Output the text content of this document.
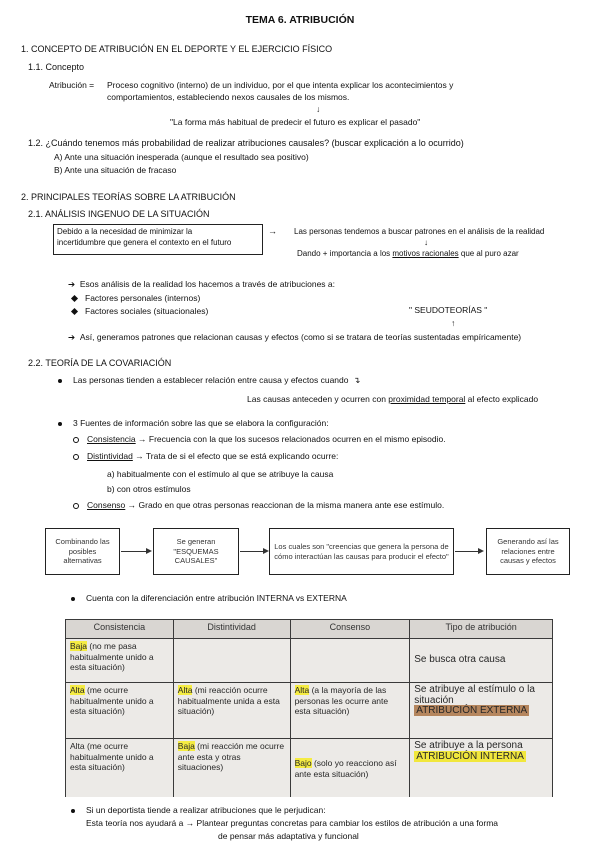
TEMA 6. ATRIBUCIÓN
1. CONCEPTO DE ATRIBUCIÓN EN EL DEPORTE Y EL EJERCICIO FÍSICO
1.1. Concepto
Atribución = Proceso cognitivo (interno) de un individuo, por el que intenta explicar los acontecimientos y
comportamientos, estableciendo nexos causales de los mismos.
↓
"La forma más habitual de predecir el futuro es explicar el pasado"
1.2. ¿Cuándo tenemos más probabilidad de realizar atribuciones causales? (buscar explicación a lo ocurrido)
A) Ante una situación inesperada (aunque el resultado sea positivo)
B) Ante una situación de fracaso
2. PRINCIPALES TEORÍAS SOBRE LA ATRIBUCIÓN
2.1. ANÁLISIS INGENUO DE LA SITUACIÓN
Debido a la necesidad de minimizar la
incertidumbre que genera el contexto en el futuro
→ Las personas tendemos a buscar patrones en el análisis de la realidad
↓
Dando + importancia a los motivos racionales que al puro azar
➔  Esos análisis de la realidad los hacemos a través de atribuciones a:
Factores personales (internos)
Factores sociales (situacionales)	" SEUDOTEORÍAS "
↑
➔  Así, generamos patrones que relacionan causas y efectos (como si se tratara de teorías sustentadas empíricamente)
2.2. TEORÍA DE LA COVARIACIÓN
Las personas tienden a establecer relación entre causa y efectos cuando ↴
Las causas anteceden y ocurren con proximidad temporal al efecto explicado
3 Fuentes de información sobre las que se elabora la configuración:
Consistencia → Frecuencia con la que los sucesos relacionados ocurren en el mismo episodio.
Distintividad → Trata de si el efecto que se está explicando ocurre:
a) habitualmente con el estímulo al que se atribuye la causa
b) con otros estímulos
Consenso → Grado en que otras personas reaccionan de la misma manera ante ese estímulo.
Combinando las posibles alternativas
Se generan "ESQUEMAS CAUSALES"
Los cuales son "creencias que genera la persona de cómo interactúan las causas para producir el efecto"
Generando así las relaciones entre causas y efectos
Cuenta con la diferenciación entre atribución INTERNA vs EXTERNA
Consistencia	Distintividad	Consenso	Tipo de atribución
Baja (no me pasa habitualmente unido a esta situación)			Se busca otra causa
Alta (me ocurre habitualmente unido a esta situación)	Alta (mi reacción ocurre habitualmente unida a esta situación)	Alta (a la mayoría de las personas les ocurre ante esta situación)	Se atribuye al estímulo o la situación
ATRIBUCIÓN EXTERNA
Alta (me ocurre habitualmente unido a esta situación)	Baja (mi reacción me ocurre ante esta y otras situaciones)	Bajo (solo yo reacciono así ante esta situación)	Se atribuye a la persona
ATRIBUCIÓN INTERNA
Si un deportista tiende a realizar atribuciones que le perjudican:
Esta teoría nos ayudará a → Plantear preguntas concretas para cambiar los estilos de atribución a una forma
de pensar más adaptativa y funcional
